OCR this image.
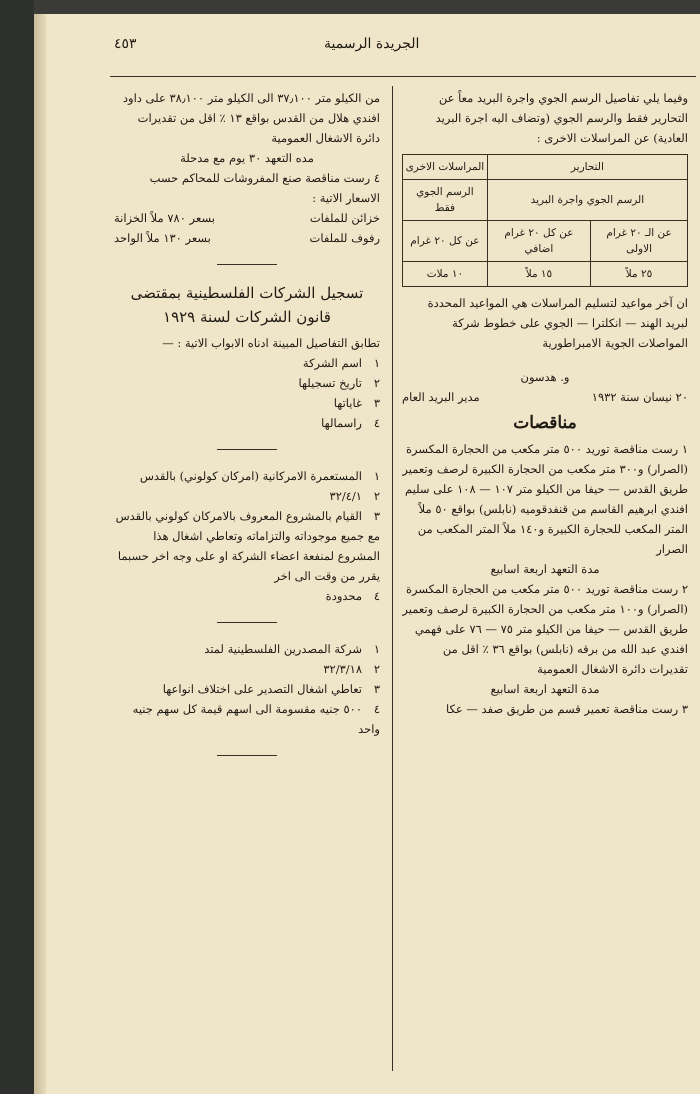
٤٥٣	الجريدة الرسمية

وفيما يلي تفاصيل الرسم الجوي واجرة البريد معاً عن التحارير فقط والرسم الجوي (وتضاف اليه اجرة البريد العادية) عن المراسلات الاخرى :

التحارير		المراسلات الاخرى
الرسم الجوي واجرة البريد		الرسم الجوي فقط
عن الـ ٢٠ غرام الاولى	عن كل ٢٠ غرام اضافي	عن كل ٢٠ غرام
٢٥ ملاً	١٥ ملاً	١٠ ملات

ان آخر مواعيد لتسليم المراسلات هي المواعيد المحددة لبريد الهند — انكلترا — الجوي على خطوط شركة المواصلات الجوية الامبراطورية

و. هدسون

٢٠ نيسان سنة ١٩٣٢
مدير البريد العام
مناقصات

١ رست مناقصة توريد ٥٠٠ متر مكعب من الحجارة المكسرة (الصرار) و٣٠٠ متر مكعب من الحجارة الكبيرة لرصف وتعمير طريق القدس — حيفا من الكيلو متر ١٠٧ — ١٠٨ على سليم افندي ابرهيم القاسم من قنفدقوميه (نابلس) بواقع ٥٠ ملاً المتر المكعب للحجارة الكبيرة و١٤٠ ملاً المتر المكعب من الصرار

مدة التعهد اربعة اسابيع

٢ رست مناقصة توريد ٥٠٠ متر مكعب من الحجارة المكسرة (الصرار) و١٠٠ متر مكعب من الحجارة الكبيرة لرصف وتعمير طريق القدس — حيفا من الكيلو متر ٧٥ — ٧٦ على فهمي افندي عبد الله من برقه (نابلس) بواقع ٣٦ ٪ اقل من تقديرات دائرة الاشغال العمومية

مدة التعهد اربعة اسابيع

٣ رست مناقصة تعمير قسم من طريق صفد — عكا

من الكيلو متر ٣٧٫١٠٠ الى الكيلو متر ٣٨٫١٠٠ على داود افندي هلال من القدس بواقع ١٣ ٪ اقل من تقديرات دائرة الاشغال العمومية

مده التعهد ٣٠ يوم مع مدحلة

٤ رست مناقصة صنع المفروشات للمحاكم حسب الاسعار الاتية :

خزائن للملفات
بسعر ٧٨٠ ملاً الخزانة
رفوف للملفات
بسعر ١٣٠ ملاً الواحد
تسجيل الشركات الفلسطينية بمقتضى قانون الشركات لسنة ١٩٢٩

تطابق التفاصيل المبينة ادناه الابواب الاتية : —

١اسم الشركة

٢تاريخ تسجيلها

٣غاياتها

٤راسمالها

١المستعمرة الامركانية (امركان كولوني) بالقدس

٢٣٢/٤/١

٣القيام بالمشروع المعروف بالامركان كولوني بالقدس مع جميع موجوداته والتزاماته وتعاطي اشغال هذا المشروع لمنفعة اعضاء الشركة او على وجه اخر حسبما يقرر من وقت الى اخر

٤محدودة

١شركة المصدرين الفلسطينية لمتد

٢٣٢/٣/١٨

٣تعاطي اشغال التصدير على اختلاف انواعها

٤٥٠٠ جنيه مقسومة الى اسهم قيمة كل سهم جنيه واحد
